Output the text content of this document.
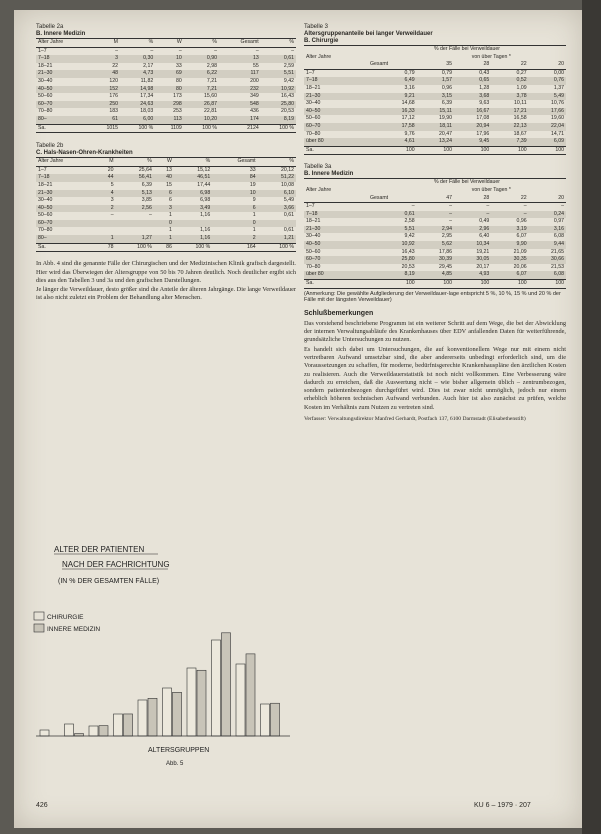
Tabelle 2a

B. Innere Medizin

Alter Jahre	M	%	W	%	Gesamt	%
1–7	–	–	–	–	–	–
7–18	3	0,30	10	0,90	13	0,61
18–21	22	2,17	33	2,98	55	2,59
21–30	48	4,73	69	6,22	117	5,51
30–40	120	11,82	80	7,21	200	9,42
40–50	152	14,98	80	7,21	232	10,92
50–60	176	17,34	173	15,60	349	16,43
60–70	250	24,63	298	26,87	548	25,80
70–80	183	18,03	253	22,81	436	20,53
80–	61	6,00	113	10,20	174	8,19
Sa.	1015	100 %	1109	100 %	2124	100 %

Tabelle 2b

C. Hals-Nasen-Ohren-Krankheiten

Alter Jahre	M	%	W	%	Gesamt	%
1–7	20	25,64	13	15,12	33	20,12
7–18	44	56,41	40	46,51	84	51,22
18–21	5	6,39	15	17,44	19	10,08
21–30	4	5,13	6	6,98	10	6,10
30–40	3	3,85	6	6,98	9	5,49
40–50	2	2,56	3	3,49	6	3,66
50–60	–	–	1	1,16	1	0,61
60–70			0		0	
70–80			1	1,16	1	0,61
80–	1	1,27	1	1,16	2	1,21
Sa.	78	100 %	86	100 %	164	100 %

In Abb. 4 sind die genannte Fälle der Chirurgischen und der Medizinischen Klinik grafisch dargestellt. Hier wird das Überwiegen der Altersgruppe von 50 bis 70 Jahren deutlich. Noch deutlicher ergibt sich dies aus den Tabellen 3 und 3a und den grafischen Darstellungen.

Je länger die Verweildauer, desto größer sind die Anteile der älteren Jahrgänge. Die lange Verweildauer ist also nicht zuletzt ein Problem der Behandlung alter Menschen.

ALTER DER PATIENTEN
NACH DER FACHRICHTUNG
(IN % DER GESAMTEN FÄLLE)
CHIRURGIE
INNERE MEDIZIN
ALTERSGRUPPEN
Abb. 5

Tabelle 3

Altersgruppenanteile bei langer Verweildauer

B. Chirurgie

Alter Jahre	% der Fälle bei Verweildauer				
		von über Tagen *			
	Gesamt	35	28	22	20
1–7	0,79	0,79	0,43	0,27	0,00
7–18	6,49	1,57	0,65	0,52	0,76
18–21	3,16	0,96	1,28	1,09	1,37
21–30	9,21	3,15	3,68	3,78	5,49
30–40	14,68	6,39	9,63	10,11	10,76
40–50	16,33	15,11	16,67	17,21	17,66
50–60	17,12	19,90	17,08	16,58	19,60
60–70	17,58	18,11	20,94	22,13	22,04
70–80	9,76	20,47	17,96	18,67	14,71
über 80	4,61	13,24	9,45	7,39	6,09
Sa.	100	100	100	100	100

Tabelle 3a

B. Innere Medizin

Alter Jahre	% der Fälle bei Verweildauer				
		von über Tagen *			
	Gesamt	47	28	22	20
1–7	–	–	–	–	–
7–18	0,61	–	–	–	0,24
18–21	2,58	–	0,49	0,96	0,97
21–30	5,51	2,94	2,96	3,19	3,16
30–40	9,42	2,95	6,40	6,07	6,08
40–50	10,92	5,62	10,34	9,90	9,44
50–60	16,43	17,86	19,21	21,09	21,65
60–70	25,80	30,39	30,05	30,35	30,66
70–80	20,53	29,45	20,17	20,06	21,53
über 80	8,19	4,85	4,93	6,07	6,08
Sa.	100	100	100	100	100

(Anmerkung: Die gewählte Aufgliederung der Verweildauer-lage entspricht 5 %, 10 %, 15 % und 20 % der Fälle mit der längsten Verweildauer)

Schlußbemerkungen

Das vorstehend beschriebene Programm ist ein weiterer Schritt auf dem Wege, die bei der Abwicklung der internen Verwaltungsabläufe des Krankenhauses über EDV anfallenden Daten für weiterführende, grundsätzliche Untersuchungen zu nutzen.

Es handelt sich dabei um Untersuchungen, die auf konventionellem Wege nur mit einem nicht vertretbaren Aufwand umsetzbar sind, die aber andererseits unbedingt erforderlich sind, um die Voraussetzungen zu schaffen, für moderne, bedürfnisgerechte Krankenhauspläne den ärztlichen Kosten zu realisieren. Auch die Verweildauerstatistik ist noch nicht vollkommen. Eine Verbesserung wäre dadurch zu erreichen, daß die Auswertung nicht – wie bisher allgemein üblich – zentrumbezogen, sondern patientenbezogen durchgeführt wird. Dies ist zwar nicht unmöglich, jedoch nur einem erheblich höheren technischen Aufwand verbunden. Auch hier ist also zunächst zu prüfen, welche Kosten im Verhältnis zum Nutzen zu vertreten sind.

Verfasser: Verwaltungsdirektor Manfred Gerhardt, Postfach 137, 6100 Darmstadt (Elisabethenstift)

426	KU 6 – 1979 · 207
